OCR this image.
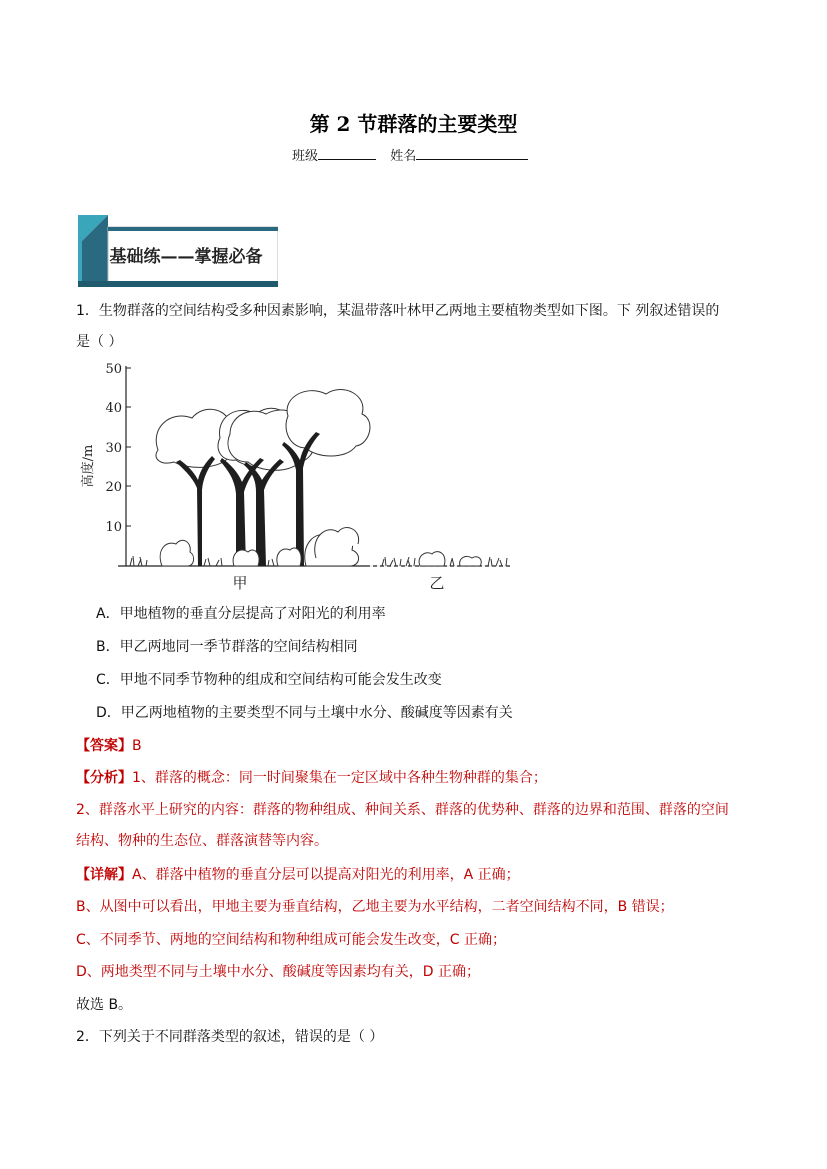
第 2 节群落的主要类型
班级	姓名
基础练——掌握必备
1．生物群落的空间结构受多种因素影响，某温带落叶林甲乙两地主要植物类型如下图。下 列叙述错误的
是（ ）
50
40
30
20
10
高度/m
甲	乙
A．甲地植物的垂直分层提高了对阳光的利用率
B．甲乙两地同一季节群落的空间结构相同
C．甲地不同季节物种的组成和空间结构可能会发生改变
D．甲乙两地植物的主要类型不同与土壤中水分、酸碱度等因素有关
【答案】B
【分析】1、群落的概念：同一时间聚集在一定区域中各种生物种群的集合；
2、群落水平上研究的内容：群落的物种组成、种间关系、群落的优势种、群落的边界和范围、群落的空间
结构、物种的生态位、群落演替等内容。
【详解】A、群落中植物的垂直分层可以提高对阳光的利用率，A 正确；
B、从图中可以看出，甲地主要为垂直结构，乙地主要为水平结构，二者空间结构不同，B 错误；
C、不同季节、两地的空间结构和物种组成可能会发生改变，C 正确；
D、两地类型不同与土壤中水分、酸碱度等因素均有关，D 正确；
故选 B。
2．下列关于不同群落类型的叙述，错误的是（ ）
